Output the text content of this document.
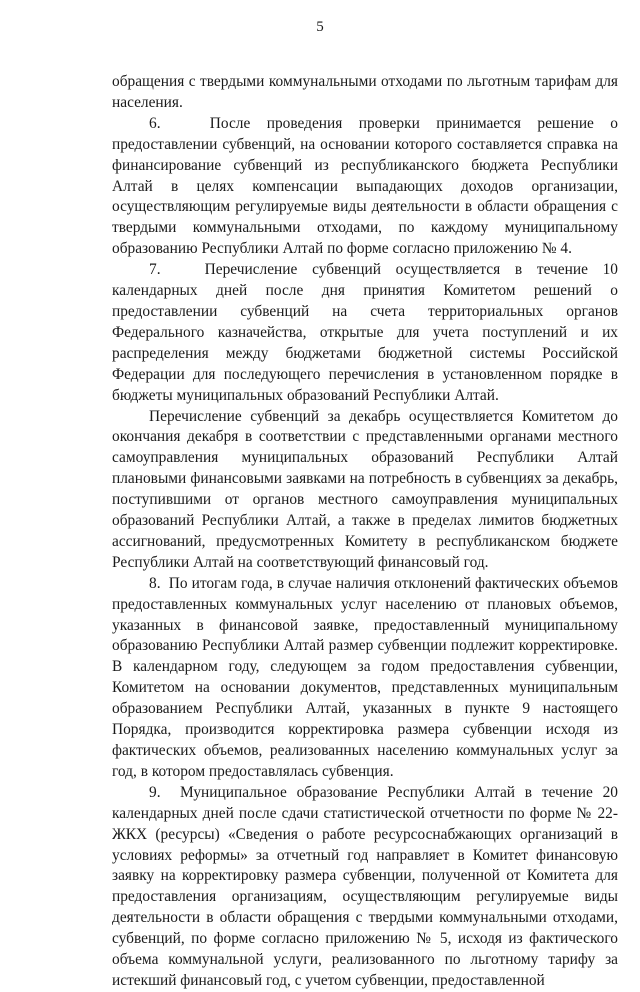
5

обращения с твердыми коммунальными отходами по льготным тарифам для населения.

6.   После проведения проверки принимается решение о предоставлении субвенций, на основании которого составляется справка на финансирование субвенций из республиканского бюджета Республики Алтай в целях компенсации выпадающих доходов организации, осуществляющим регулируемые виды деятельности в области обращения с твердыми коммунальными отходами, по каждому муниципальному образованию Республики Алтай по форме согласно приложению № 4.

7.   Перечисление субвенций осуществляется в течение 10 календарных дней после дня принятия Комитетом решений о предоставлении субвенций на счета территориальных органов Федерального казначейства, открытые для учета поступлений и их распределения между бюджетами бюджетной системы Российской Федерации для последующего перечисления в установленном порядке в бюджеты муниципальных образований Республики Алтай.

Перечисление субвенций за декабрь осуществляется Комитетом до окончания декабря в соответствии с представленными органами местного самоуправления муниципальных образований Республики Алтай плановыми финансовыми заявками на потребность в субвенциях за декабрь, поступившими от органов местного самоуправления муниципальных образований Республики Алтай, а также в пределах лимитов бюджетных ассигнований, предусмотренных Комитету в республиканском бюджете Республики Алтай на соответствующий финансовый год.

8.  По итогам года, в случае наличия отклонений фактических объемов предоставленных коммунальных услуг населению от плановых объемов, указанных в финансовой заявке, предоставленный муниципальному образованию Республики Алтай размер субвенции подлежит корректировке. В календарном году, следующем за годом предоставления субвенции, Комитетом на основании документов, представленных муниципальным образованием Республики Алтай, указанных в пункте 9 настоящего Порядка, производится корректировка размера субвенции исходя из фактических объемов, реализованных населению коммунальных услуг за год, в котором предоставлялась субвенция.

9.  Муниципальное образование Республики Алтай в течение 20 календарных дней после сдачи статистической отчетности по форме № 22-ЖКХ (ресурсы) «Сведения о работе ресурсоснабжающих организаций в условиях реформы» за отчетный год направляет в Комитет финансовую заявку на корректировку размера субвенции, полученной от Комитета для предоставления организациям, осуществляющим регулируемые виды деятельности в области обращения с твердыми коммунальными отходами, субвенций, по форме согласно приложению № 5, исходя из фактического объема коммунальной услуги, реализованного по льготному тарифу за истекший финансовый год, с учетом субвенции, предоставленной
